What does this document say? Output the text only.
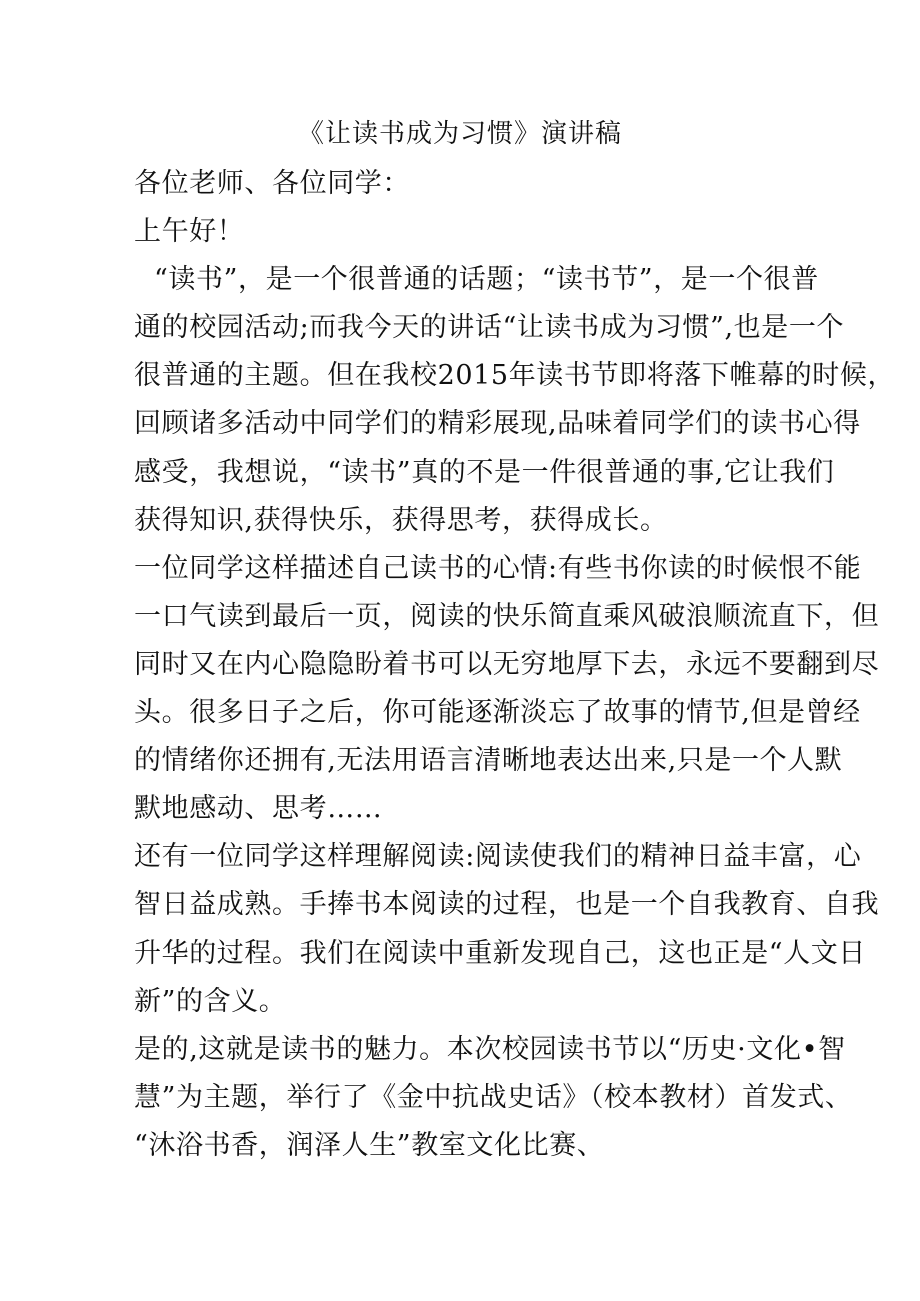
《让读书成为习惯》演讲稿
各位老师、各位同学：
上午好！
“读书”，是一个很普通的话题；“读书节”，是一个很普
通的校园活动;而我今天的讲话“让读书成为习惯”,也是一个
很普通的主题。但在我校2015年读书节即将落下帷幕的时候，
回顾诸多活动中同学们的精彩展现,品味着同学们的读书心得
感受，我想说，“读书”真的不是一件很普通的事,它让我们
获得知识,获得快乐，获得思考，获得成长。
一位同学这样描述自己读书的心情:有些书你读的时候恨不能
一口气读到最后一页，阅读的快乐简直乘风破浪顺流直下，但
同时又在内心隐隐盼着书可以无穷地厚下去，永远不要翻到尽
头。很多日子之后，你可能逐渐淡忘了故事的情节,但是曾经
的情绪你还拥有,无法用语言清晰地表达出来,只是一个人默
默地感动、思考……
还有一位同学这样理解阅读:阅读使我们的精神日益丰富，心
智日益成熟。手捧书本阅读的过程，也是一个自我教育、自我
升华的过程。我们在阅读中重新发现自己，这也正是“人文日
新”的含义。
是的,这就是读书的魅力。本次校园读书节以“历史·文化•智
慧”为主题，举行了《金中抗战史话》（校本教材）首发式、
“沐浴书香，润泽人生”教室文化比赛、
